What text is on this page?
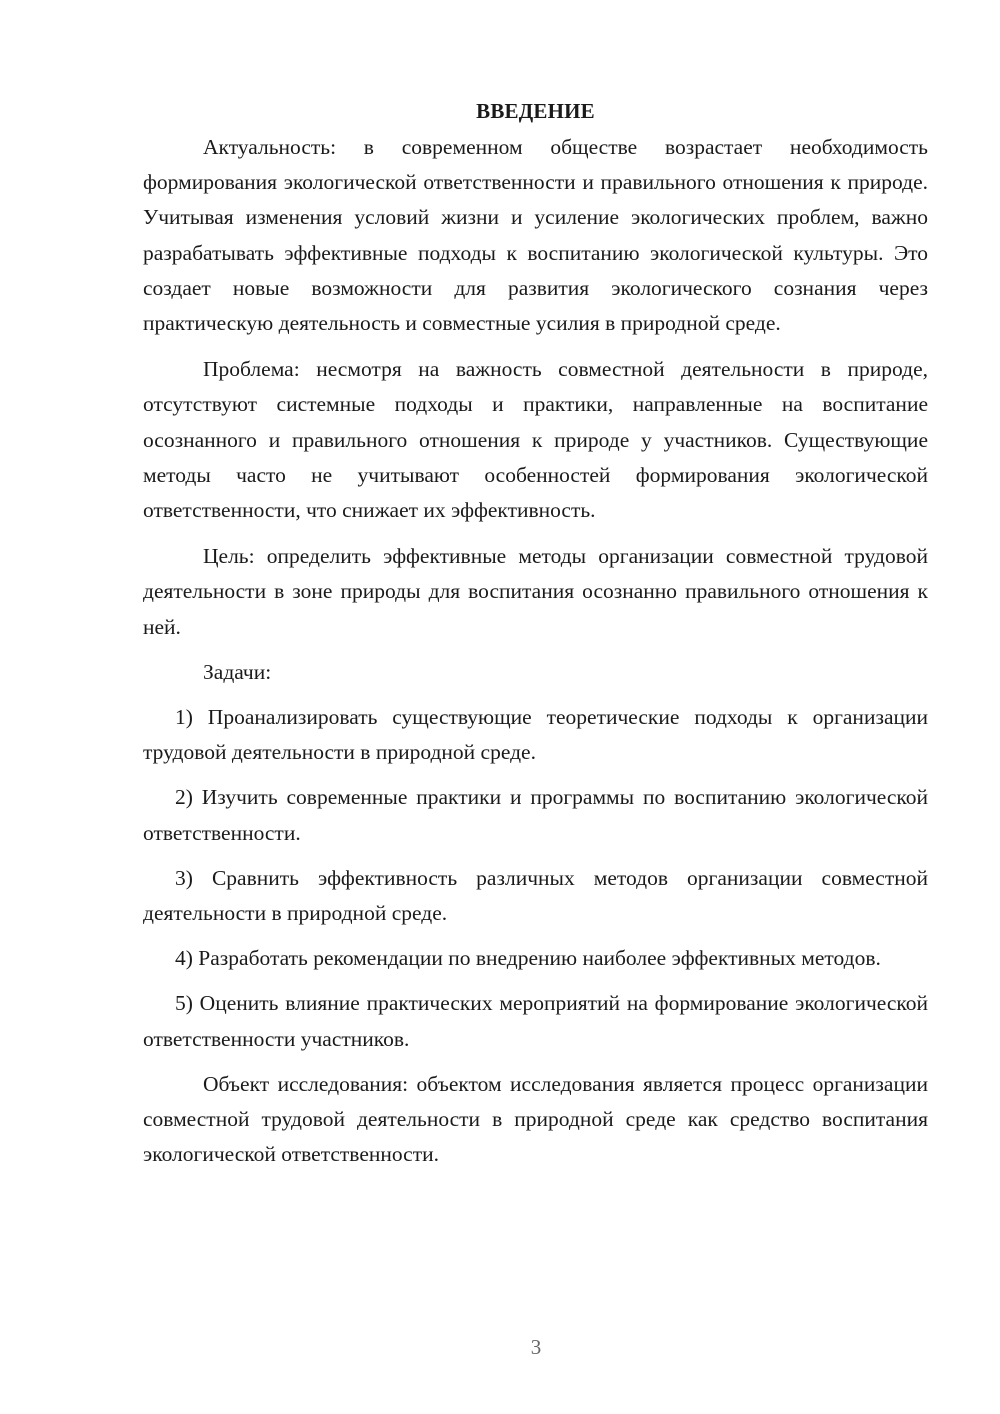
ВВЕДЕНИЕ

Актуальность: в современном обществе возрастает необходимость формирования экологической ответственности и правильного отношения к природе. Учитывая изменения условий жизни и усиление экологических проблем, важно разрабатывать эффективные подходы к воспитанию экологической культуры. Это создает новые возможности для развития экологического сознания через практическую деятельность и совместные усилия в природной среде.

Проблема: несмотря на важность совместной деятельности в природе, отсутствуют системные подходы и практики, направленные на воспитание осознанного и правильного отношения к природе у участников. Существующие методы часто не учитывают особенностей формирования экологической ответственности, что снижает их эффективность.

Цель: определить эффективные методы организации совместной трудовой деятельности в зоне природы для воспитания осознанно правильного отношения к ней.

Задачи:

1) Проанализировать существующие теоретические подходы к организации трудовой деятельности в природной среде.

2) Изучить современные практики и программы по воспитанию экологической ответственности.

3) Сравнить эффективность различных методов организации совместной деятельности в природной среде.

4) Разработать рекомендации по внедрению наиболее эффективных методов.

5) Оценить влияние практических мероприятий на формирование экологической ответственности участников.

Объект исследования: объектом исследования является процесс организации совместной трудовой деятельности в природной среде как средство воспитания экологической ответственности.

3
